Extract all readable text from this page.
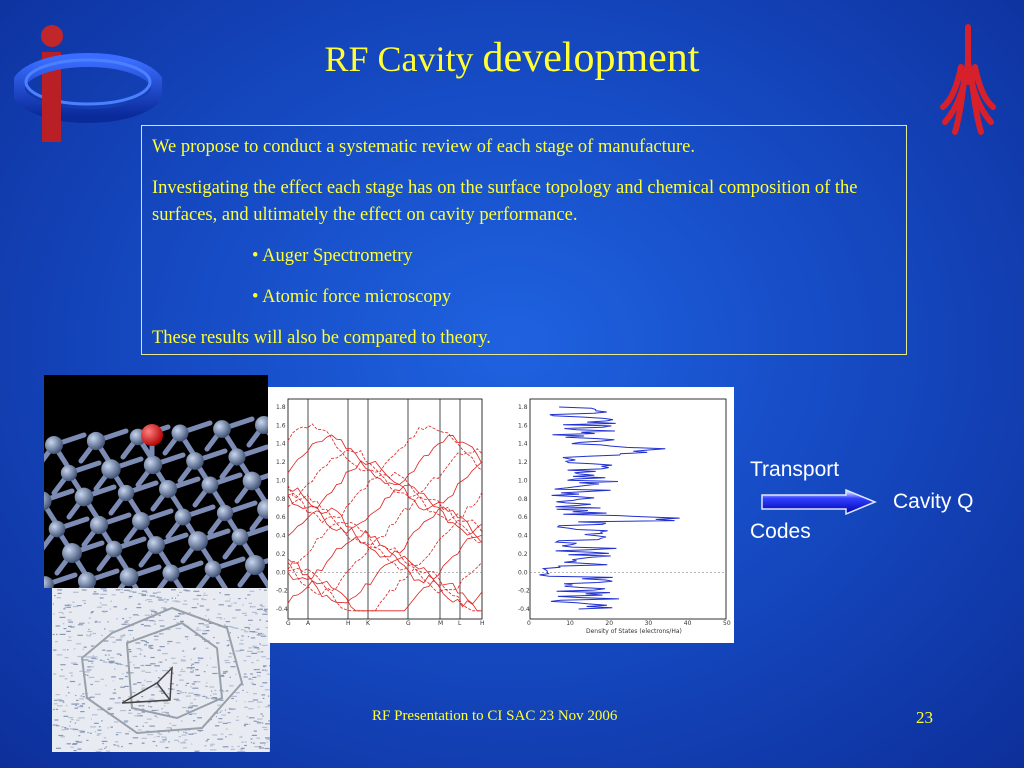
RF Cavity development

We propose to conduct a systematic review of each stage of manufacture.

Investigating the effect each stage has on the surface topology and chemical composition of the surfaces, and ultimately the effect on cavity performance.

• Auger Spectrometry

• Atomic force microscopy

These results will also be compared to theory.

1.8
1.6
1.4
1.2
1.0
0.8
0.6
0.4
0.2
0.0
-0.2
-0.4
G	A	H	K	G	M L	H
1.8
1.6
1.4
1.2
1.0
0.8
0.6
0.4
0.2
0.0
-0.2
-0.4
0	10	20	30	40	50
Density of States (electrons/Ha)
Transport
Cavity Q
Codes
RF Presentation to CI SAC 23 Nov 2006	23
